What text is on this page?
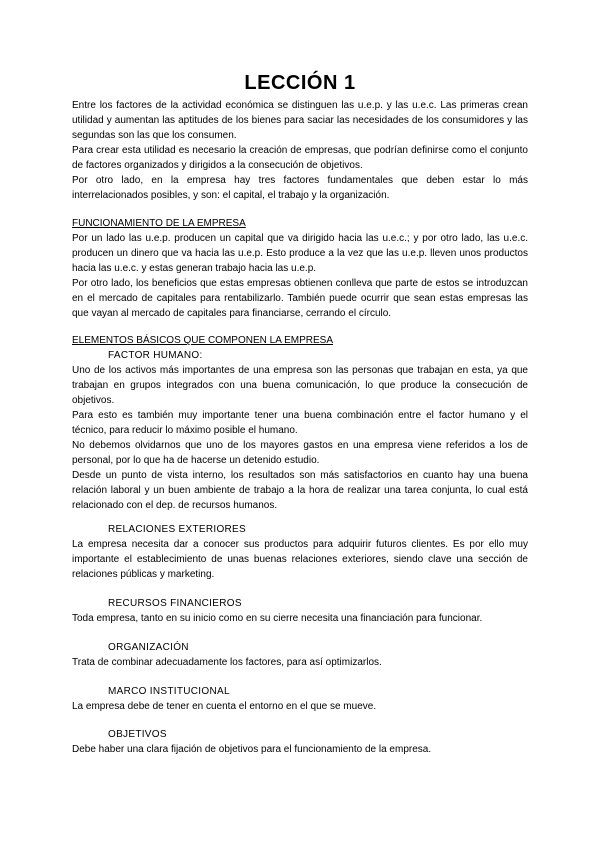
LECCIÓN 1

Entre los factores de la actividad económica se distinguen las u.e.p. y las u.e.c. Las primeras crean utilidad y aumentan las aptitudes de los bienes para saciar las necesidades de los consumidores y las segundas son las que los consumen.

Para crear esta utilidad es necesario la creación de empresas, que podrían definirse como el conjunto de factores organizados y dirigidos a la consecución de objetivos.

Por otro lado, en la empresa hay tres factores fundamentales que deben estar lo más interrelacionados posibles, y son: el capital, el trabajo y la organización.

FUNCIONAMIENTO DE LA EMPRESA

Por un lado las u.e.p. producen un capital que va dirigido hacia las u.e.c.; y por otro lado, las u.e.c. producen un dinero que va hacia las u.e.p. Esto produce a la vez que las u.e.p. lleven unos productos hacia las u.e.c. y estas generan trabajo hacia las u.e.p.

Por otro lado, los beneficios que estas empresas obtienen conlleva que parte de estos se introduzcan en el mercado de capitales para rentabilizarlo. También puede ocurrir que sean estas empresas las que vayan al mercado de capitales para financiarse, cerrando el círculo.

ELEMENTOS BÁSICOS QUE COMPONEN LA EMPRESA

FACTOR HUMANO:

Uno de los activos más importantes de una empresa son las personas que trabajan en esta, ya que trabajan en grupos integrados con una buena comunicación, lo que produce la consecución de objetivos.

Para esto es también muy importante tener una buena combinación entre el factor humano y el técnico, para reducir lo máximo posible el humano.

No debemos olvidarnos que uno de los mayores gastos en una empresa viene referidos a los de personal, por lo que ha de hacerse un detenido estudio.

Desde un punto de vista interno, los resultados son más satisfactorios en cuanto hay una buena relación laboral y un buen ambiente de trabajo a la hora de realizar una tarea conjunta, lo cual está relacionado con el dep. de recursos humanos.

RELACIONES EXTERIORES

La empresa necesita dar a conocer sus productos para adquirir futuros clientes. Es por ello muy importante el establecimiento de unas buenas relaciones exteriores, siendo clave una sección de relaciones públicas y marketing.

RECURSOS FINANCIEROS

Toda empresa, tanto en su inicio como en su cierre necesita una financiación para funcionar.

ORGANIZACIÓN

Trata de combinar adecuadamente los factores, para así optimizarlos.

MARCO INSTITUCIONAL

La empresa debe de tener en cuenta el entorno en el que se mueve.

OBJETIVOS

Debe haber una clara fijación de objetivos para el funcionamiento de la empresa.
